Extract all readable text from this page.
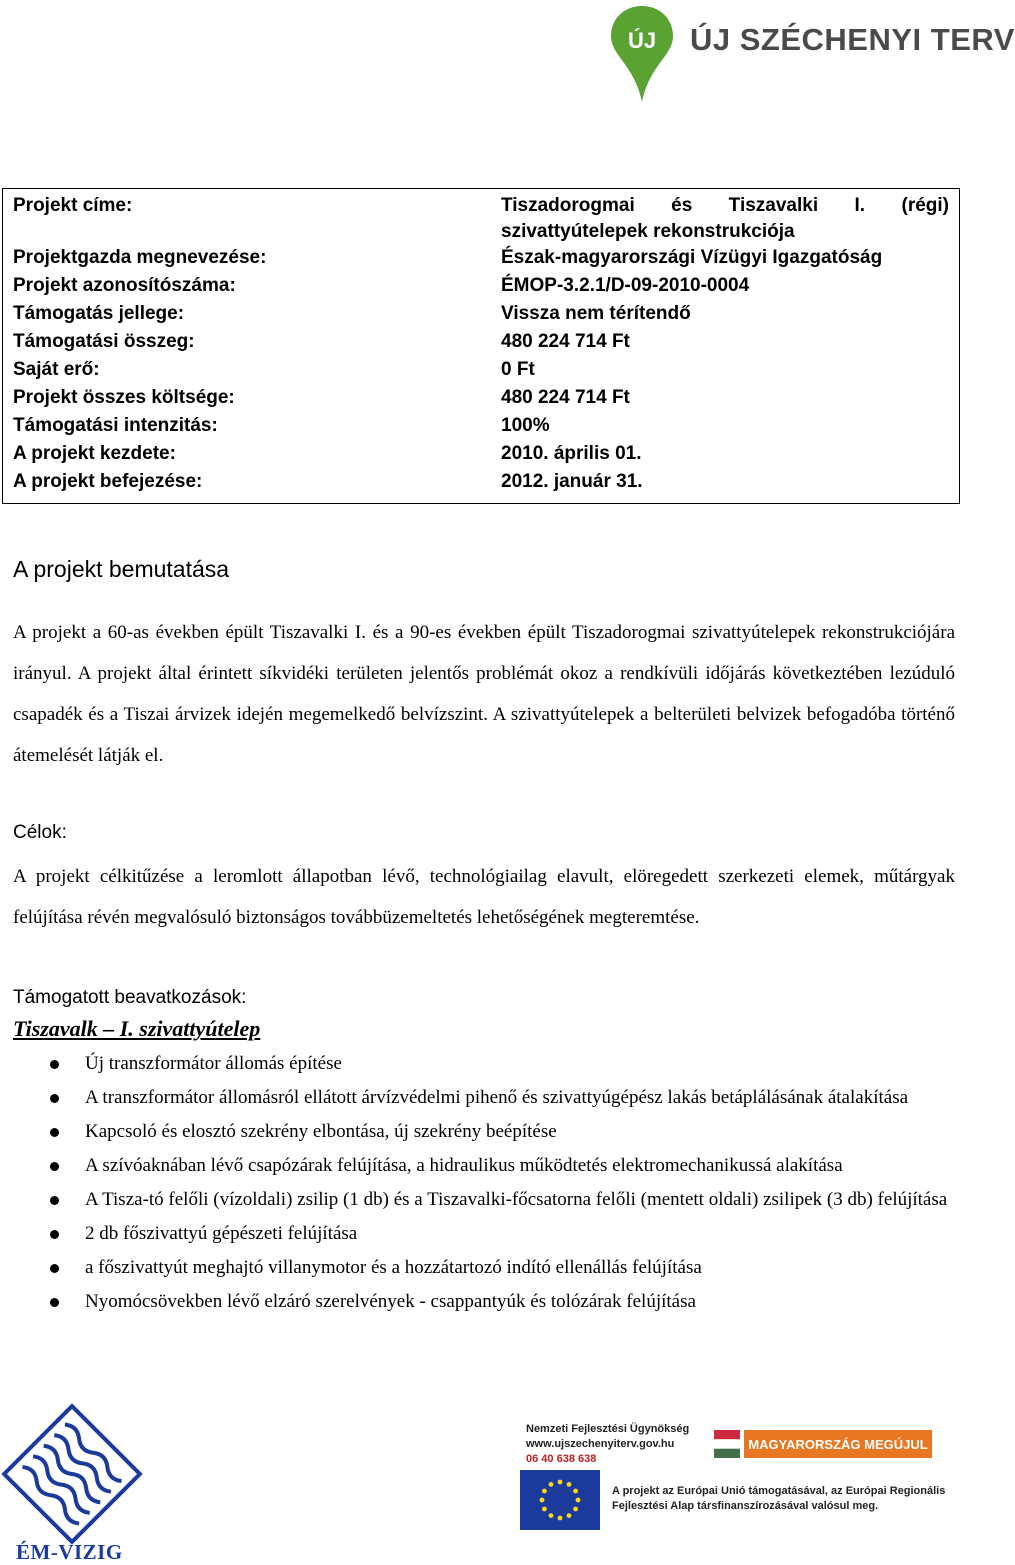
ÚJ ÚJ SZÉCHENYI TERV
Projekt címe:	Tiszadorogmai és Tiszavalki I. (régi) szivattyútelepek rekonstrukciója
Projektgazda megnevezése:	Észak-magyarországi Vízügyi Igazgatóság
Projekt azonosítószáma:	ÉMOP-3.2.1/D-09-2010-0004
Támogatás jellege:	Vissza nem térítendő
Támogatási összeg:	480 224 714 Ft
Saját erő:	0 Ft
Projekt összes költsége:	480 224 714 Ft
Támogatási intenzitás:	100%
A projekt kezdete:	2010. április 01.
A projekt befejezése:	2012. január 31.
A projekt bemutatása
A projekt a 60-as években épült Tiszavalki I. és a 90-es években épült Tiszadorogmai szivattyútelepek rekonstrukciójára irányul. A projekt által érintett síkvidéki területen jelentős problémát okoz a rendkívüli időjárás következtében lezúduló csapadék és a Tiszai árvizek idején megemelkedő belvízszint. A szivattyútelepek a belterületi belvizek befogadóba történő átemelését látják el.
Célok:
A projekt célkitűzése a leromlott állapotban lévő, technológiailag elavult, elöregedett szerkezeti elemek, műtárgyak felújítása révén megvalósuló biztonságos továbbüzemeltetés lehetőségének megteremtése.
Támogatott beavatkozások:
Tiszavalk – I. szivattyútelep
Új transzformátor állomás építése
A transzformátor állomásról ellátott árvízvédelmi pihenő és szivattyúgépész lakás betáplálásának átalakítása
Kapcsoló és elosztó szekrény elbontása, új szekrény beépítése
A szívóaknában lévő csapózárak felújítása, a hidraulikus működtetés elektromechanikussá alakítása
A Tisza-tó felőli (vízoldali) zsilip (1 db) és a Tiszavalki-főcsatorna felőli (mentett oldali) zsilipek (3 db) felújítása
2 db főszivattyú gépészeti felújítása
a főszivattyút meghajtó villanymotor és a hozzátartozó indító ellenállás felújítása
Nyomócsövekben lévő elzáró szerelvények - csappantyúk és tolózárak felújítása
ÉM-VIZIG
Nemzeti Fejlesztési Ügynökség
www.ujszechenyiterv.gov.hu
06 40 638 638
MAGYARORSZÁG MEGÚJUL
A projekt az Európai Unió támogatásával, az Európai Regionális Fejlesztési Alap társfinanszírozásával valósul meg.
